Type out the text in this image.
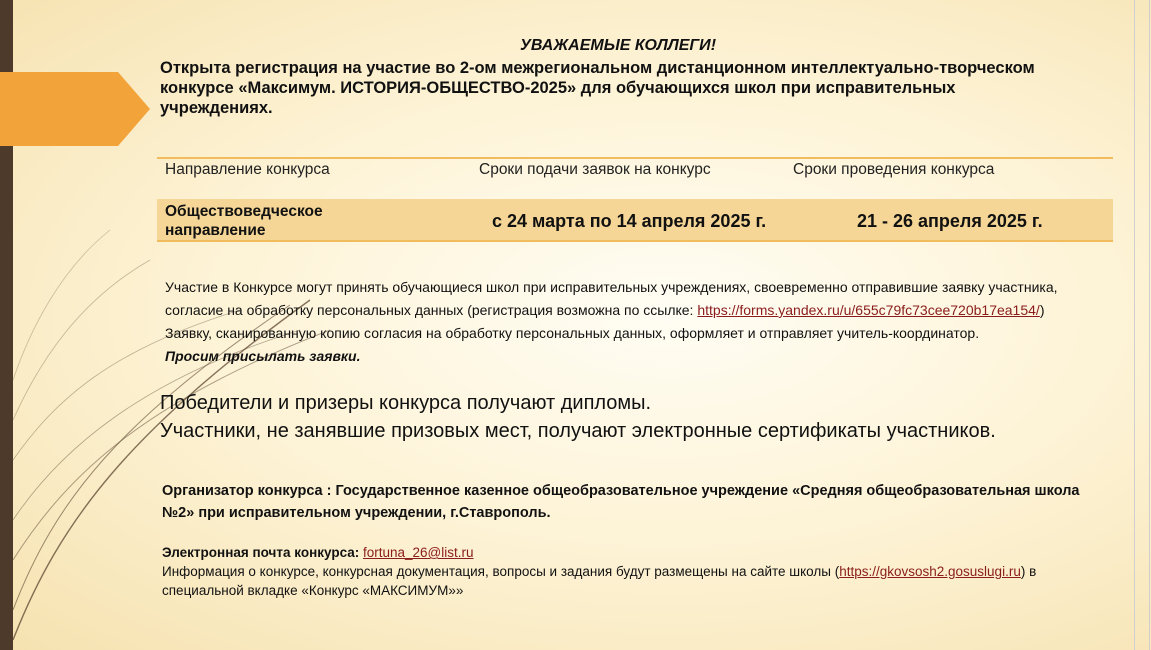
УВАЖАЕМЫЕ КОЛЛЕГИ!

Открыта регистрация на участие во 2-ом межрегиональном дистанционном интеллектуально-творческом конкурсе «Максимум. ИСТОРИЯ-ОБЩЕСТВО-2025» для обучающихся школ при исправительных учреждениях.

Направление конкурса	Сроки подачи заявок на конкурс	Сроки проведения конкурса
Обществоведческое направление	с 24 марта по 14 апреля 2025 г.	21 - 26 апреля 2025 г.

Участие в Конкурсе могут принять обучающиеся школ при исправительных учреждениях, своевременно отправившие заявку участника, согласие на обработку персональных данных (регистрация возможна по ссылке: https://forms.yandex.ru/u/655c79fc73cee720b17ea154/)

Заявку, сканированную копию согласия на обработку персональных данных, оформляет и отправляет учитель-координатор.

Просим присылать заявки.

Победители и призеры конкурса получают дипломы.

Участники, не занявшие призовых мест, получают электронные сертификаты участников.

Организатор конкурса : Государственное казенное общеобразовательное учреждение «Средняя общеобразовательная школа №2» при исправительном учреждении, г.Ставрополь.

Электронная почта конкурса: fortuna_26@list.ru

Информация о конкурсе, конкурсная документация, вопросы и задания будут размещены на сайте школы (https://gkovsosh2.gosuslugi.ru) в специальной вкладке «Конкурс «МАКСИМУМ»»
